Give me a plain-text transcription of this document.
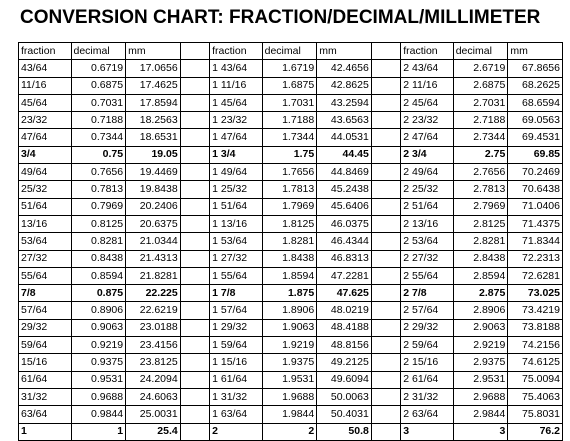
CONVERSION CHART: FRACTION/DECIMAL/MILLIMETER
fraction	decimal	mm		fraction	decimal	mm		fraction	decimal	mm
43/64	0.6719	17.0656		1 43/64	1.6719	42.4656		2 43/64	2.6719	67.8656
11/16	0.6875	17.4625		1 11/16	1.6875	42.8625		2 11/16	2.6875	68.2625
45/64	0.7031	17.8594		1 45/64	1.7031	43.2594		2 45/64	2.7031	68.6594
23/32	0.7188	18.2563		1 23/32	1.7188	43.6563		2 23/32	2.7188	69.0563
47/64	0.7344	18.6531		1 47/64	1.7344	44.0531		2 47/64	2.7344	69.4531
3/4	0.75	19.05		1 3/4	1.75	44.45		2 3/4	2.75	69.85
49/64	0.7656	19.4469		1 49/64	1.7656	44.8469		2 49/64	2.7656	70.2469
25/32	0.7813	19.8438		1 25/32	1.7813	45.2438		2 25/32	2.7813	70.6438
51/64	0.7969	20.2406		1 51/64	1.7969	45.6406		2 51/64	2.7969	71.0406
13/16	0.8125	20.6375		1 13/16	1.8125	46.0375		2 13/16	2.8125	71.4375
53/64	0.8281	21.0344		1 53/64	1.8281	46.4344		2 53/64	2.8281	71.8344
27/32	0.8438	21.4313		1 27/32	1.8438	46.8313		2 27/32	2.8438	72.2313
55/64	0.8594	21.8281		1 55/64	1.8594	47.2281		2 55/64	2.8594	72.6281
7/8	0.875	22.225		1 7/8	1.875	47.625		2 7/8	2.875	73.025
57/64	0.8906	22.6219		1 57/64	1.8906	48.0219		2 57/64	2.8906	73.4219
29/32	0.9063	23.0188		1 29/32	1.9063	48.4188		2 29/32	2.9063	73.8188
59/64	0.9219	23.4156		1 59/64	1.9219	48.8156		2 59/64	2.9219	74.2156
15/16	0.9375	23.8125		1 15/16	1.9375	49.2125		2 15/16	2.9375	74.6125
61/64	0.9531	24.2094		1 61/64	1.9531	49.6094		2 61/64	2.9531	75.0094
31/32	0.9688	24.6063		1 31/32	1.9688	50.0063		2 31/32	2.9688	75.4063
63/64	0.9844	25.0031		1 63/64	1.9844	50.4031		2 63/64	2.9844	75.8031
1	1	25.4		2	2	50.8		3	3	76.2
